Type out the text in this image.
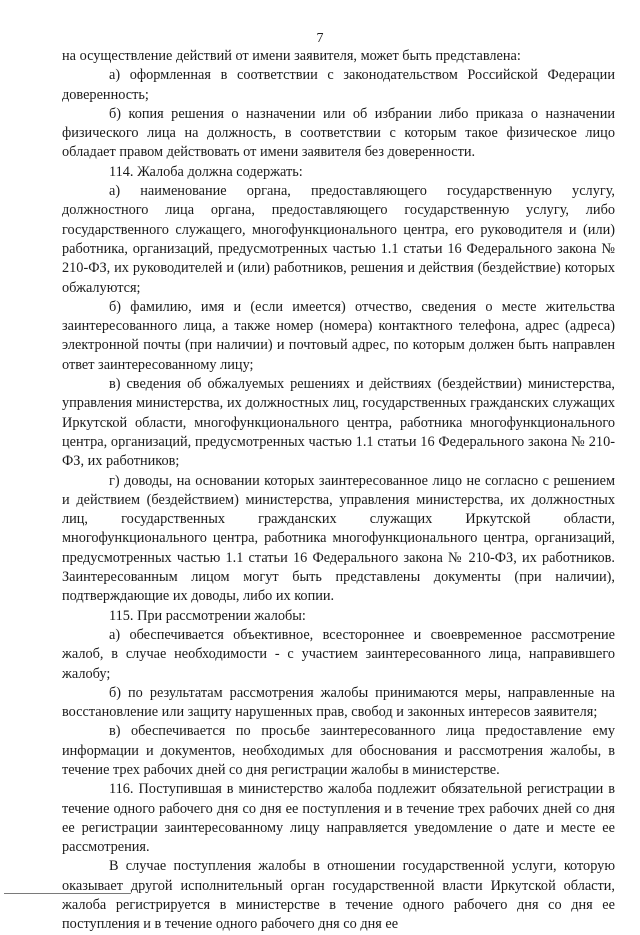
7

на осуществление действий от имени заявителя, может быть представлена:

а) оформленная в соответствии с законодательством Российской Федерации доверенность;

б) копия решения о назначении или об избрании либо приказа о назначении физического лица на должность, в соответствии с которым такое физическое лицо обладает правом действовать от имени заявителя без доверенности.

114. Жалоба должна содержать:

а) наименование органа, предоставляющего государственную услугу, должностного лица органа, предоставляющего государственную услугу, либо государственного служащего, многофункционального центра, его руководителя и (или) работника, организаций, предусмотренных частью 1.1 статьи 16 Федерального закона № 210-ФЗ, их руководителей и (или) работников, решения и действия (бездействие) которых обжалуются;

б) фамилию, имя и (если имеется) отчество, сведения о месте жительства заинтересованного лица, а также номер (номера) контактного телефона, адрес (адреса) электронной почты (при наличии) и почтовый адрес, по которым должен быть направлен ответ заинтересованному лицу;

в) сведения об обжалуемых решениях и действиях (бездействии) министерства, управления министерства, их должностных лиц, государственных гражданских служащих Иркутской области, многофункционального центра, работника многофункционального центра, организаций, предусмотренных частью 1.1 статьи 16 Федерального закона № 210-ФЗ, их работников;

г) доводы, на основании которых заинтересованное лицо не согласно с решением и действием (бездействием) министерства, управления министерства, их должностных лиц, государственных гражданских служащих Иркутской области, многофункционального центра, работника многофункционального центра, организаций, предусмотренных частью 1.1 статьи 16 Федерального закона № 210-ФЗ, их работников. Заинтересованным лицом могут быть представлены документы (при наличии), подтверждающие их доводы, либо их копии.

115. При рассмотрении жалобы:

а) обеспечивается объективное, всестороннее и своевременное рассмотрение жалоб, в случае необходимости - с участием заинтересованного лица, направившего жалобу;

б) по результатам рассмотрения жалобы принимаются меры, направленные на восстановление или защиту нарушенных прав, свобод и законных интересов заявителя;

в) обеспечивается по просьбе заинтересованного лица предоставление ему информации и документов, необходимых для обоснования и рассмотрения жалобы, в течение трех рабочих дней со дня регистрации жалобы в министерстве.

116. Поступившая в министерство жалоба подлежит обязательной регистрации в течение одного рабочего дня со дня ее поступления и в течение трех рабочих дней со дня ее регистрации заинтересованному лицу направляется уведомление о дате и месте ее рассмотрения.

В случае поступления жалобы в отношении государственной услуги, которую оказывает другой исполнительный орган государственной власти Иркутской области, жалоба регистрируется в министерстве в течение одного рабочего дня со дня ее поступления и в течение одного рабочего дня со дня ее
